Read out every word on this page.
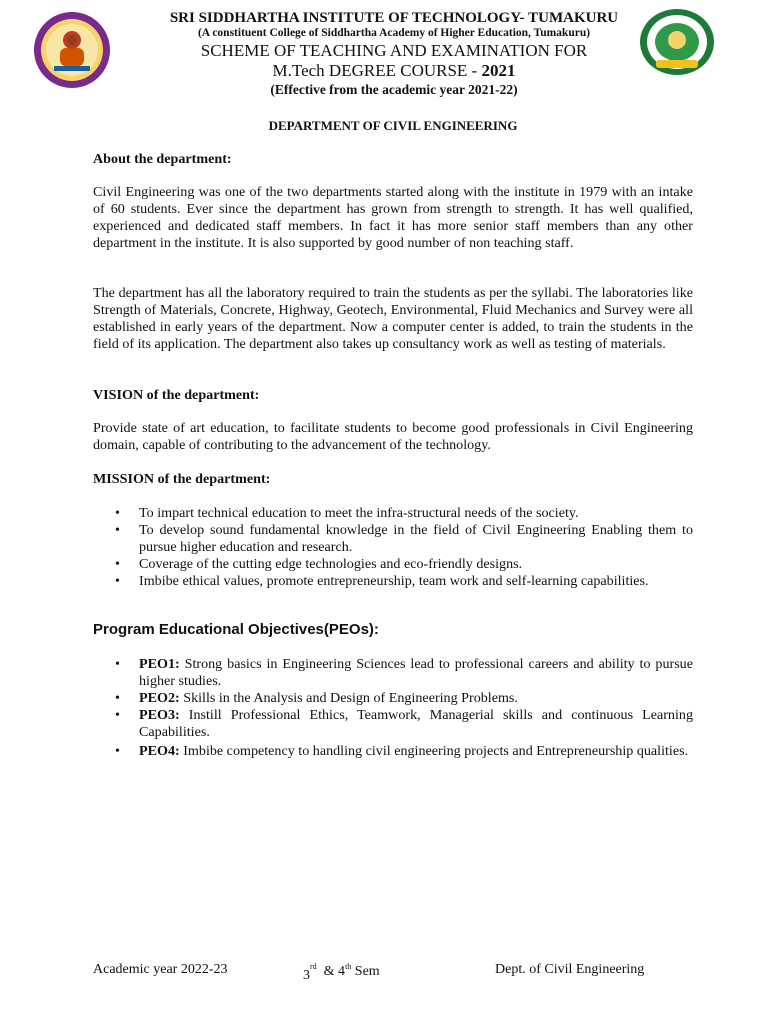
SRI SIDDHARTHA INSTITUTE OF TECHNOLOGY- TUMAKURU
(A constituent College of Siddhartha Academy of Higher Education, Tumakuru)
SCHEME OF TEACHING AND EXAMINATION FOR
M.Tech DEGREE COURSE - 2021
(Effective from the academic year 2021-22)
DEPARTMENT OF CIVIL ENGINEERING
About the department:
Civil Engineering was one of the two departments started along with the institute in 1979 with an intake of 60 students. Ever since the department has grown from strength to strength. It has well qualified, experienced and dedicated staff members. In fact it has more senior staff members than any other department in the institute. It is also supported by good number of non teaching staff.
The department has all the laboratory required to train the students as per the syllabi. The laboratories like Strength of Materials, Concrete, Highway, Geotech, Environmental, Fluid Mechanics and Survey were all established in early years of the department. Now a computer center is added, to train the students in the field of its application. The department also takes up consultancy work as well as testing of materials.
VISION of the department:
Provide state of art education, to facilitate students to become good professionals in Civil Engineering domain, capable of contributing to the advancement of the technology.
MISSION of the department:
• To impart technical education to meet the infra-structural needs of the society.
• To develop sound fundamental knowledge in the field of Civil Engineering Enabling them to pursue higher education and research.
• Coverage of the cutting edge technologies and eco-friendly designs.
• Imbibe ethical values, promote entrepreneurship, team work and self-learning capabilities.
Program Educational Objectives(PEOs):
• PEO1: Strong basics in Engineering Sciences lead to professional careers and ability to pursue higher studies.
• PEO2: Skills in the Analysis and Design of Engineering Problems.
• PEO3: Instill Professional Ethics, Teamwork, Managerial skills and continuous Learning Capabilities.
• PEO4: Imbibe competency to handling civil engineering projects and Entrepreneurship qualities.
Academic year 2022-23	3rd & 4th Sem	Dept. of Civil Engineering
